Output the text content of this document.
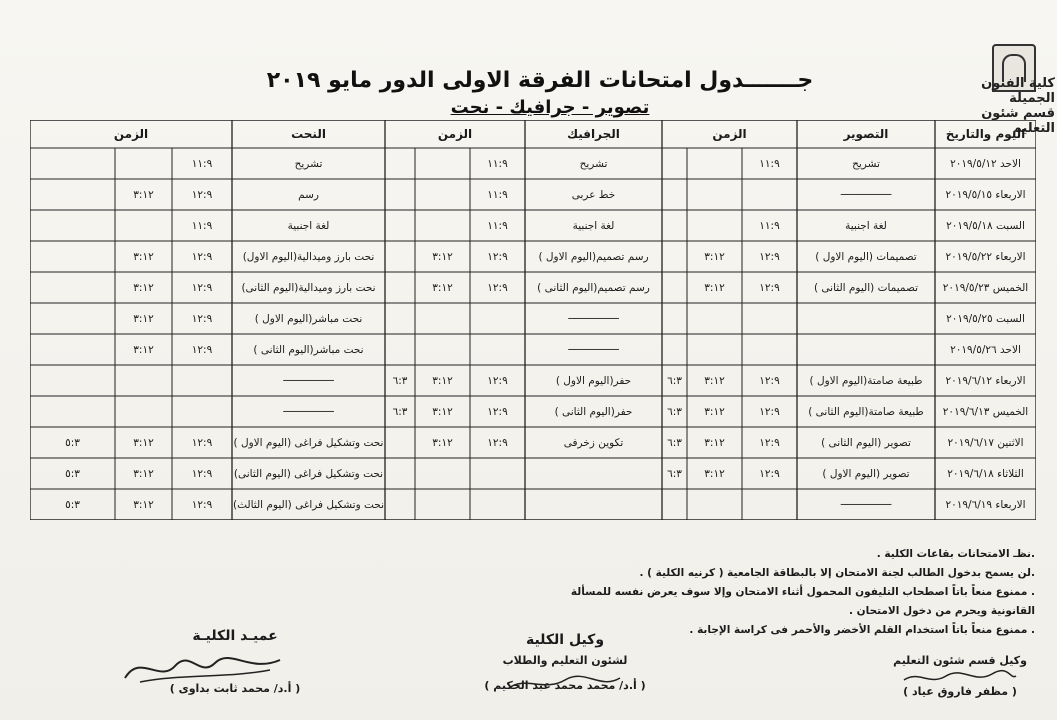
كلية الفنون الجميلة
قسم شئون التعليم
جـــــــدول امتحانات الفرقة الاولى الدور مايو ٢٠١٩
تصوير - جرافيك - نحت
اليوم والتاريخ
التصوير
الزمن
الجرافيك
الزمن
النحت
الزمن
الاحد ٢٠١٩/٥/١٢
تشريح
١١:٩
تشريح
١١:٩
تشريح
١١:٩
الاربعاء ٢٠١٩/٥/١٥
────────
خط عربى
١١:٩
رسم
١٢:٩
٣:١٢
السبت ٢٠١٩/٥/١٨
لغة اجنبية
١١:٩
لغة اجنبية
١١:٩
لغة اجنبية
١١:٩
الاربعاء ٢٠١٩/٥/٢٢
تصميمات (اليوم الاول )
١٢:٩
٣:١٢
رسم تصميم(اليوم الاول )
١٢:٩
٣:١٢
نحت بارز وميدالية(اليوم الاول)
١٢:٩
٣:١٢
الخميس ٢٠١٩/٥/٢٣
تصميمات (اليوم الثانى )
١٢:٩
٣:١٢
رسم تصميم(اليوم الثانى )
١٢:٩
٣:١٢
نحت بارز وميدالية(اليوم الثانى)
١٢:٩
٣:١٢
السبت ٢٠١٩/٥/٢٥
────────
نحت مباشر(اليوم الاول )
١٢:٩
٣:١٢
الاحد ٢٠١٩/٥/٢٦
────────
نحت مباشر(اليوم الثانى )
١٢:٩
٣:١٢
الاربعاء ٢٠١٩/٦/١٢
طبيعة صامتة(اليوم الاول )
١٢:٩
٣:١٢
٦:٣
حفر(اليوم الاول )
١٢:٩
٣:١٢
٦:٣
────────
الخميس ٢٠١٩/٦/١٣
طبيعة صامتة(اليوم الثانى )
١٢:٩
٣:١٢
٦:٣
حفر(اليوم الثانى )
١٢:٩
٣:١٢
٦:٣
────────
الاثنين ٢٠١٩/٦/١٧
تصوير (اليوم الثانى )
١٢:٩
٣:١٢
٦:٣
تكوين زخرفى
١٢:٩
٣:١٢
نحت وتشكيل فراغى (اليوم الاول )
١٢:٩
٣:١٢
٥:٣
الثلاثاء ٢٠١٩/٦/١٨
تصوير (اليوم الاول )
١٢:٩
٣:١٢
٦:٣
نحت وتشكيل فراغى (اليوم الثانى)
١٢:٩
٣:١٢
٥:٣
الاربعاء ٢٠١٩/٦/١٩
────────
نحت وتشكيل فراغى (اليوم الثالث)
١٢:٩
٣:١٢
٥:٣
.نظـ الامتحانات بقاعات الكلية .
.لن يسمح بدخول الطالب لجنة الامتحان إلا بالبطاقة الجامعية ( كرنيه الكلية ) .
. ممنوع منعاً باتاً اصطحاب التليفون المحمول أثناء الامتحان وإلا سوف يعرض نفسه للمسألة القانونية ويحرم من دخول الامتحان .
. ممنوع منعاً باتاً استخدام القلم الأخضر والأحمر فى كراسة الإجابة .
عميـد الكليـة
( أ.د/ محمد ثابت بداوى )
وكيل الكلية
لشئون التعليم والطلاب
( أ.د/ محمد محمد عبد الحكيم )
وكيل قسم شئون التعليم
( مظفر فاروق عياد )
